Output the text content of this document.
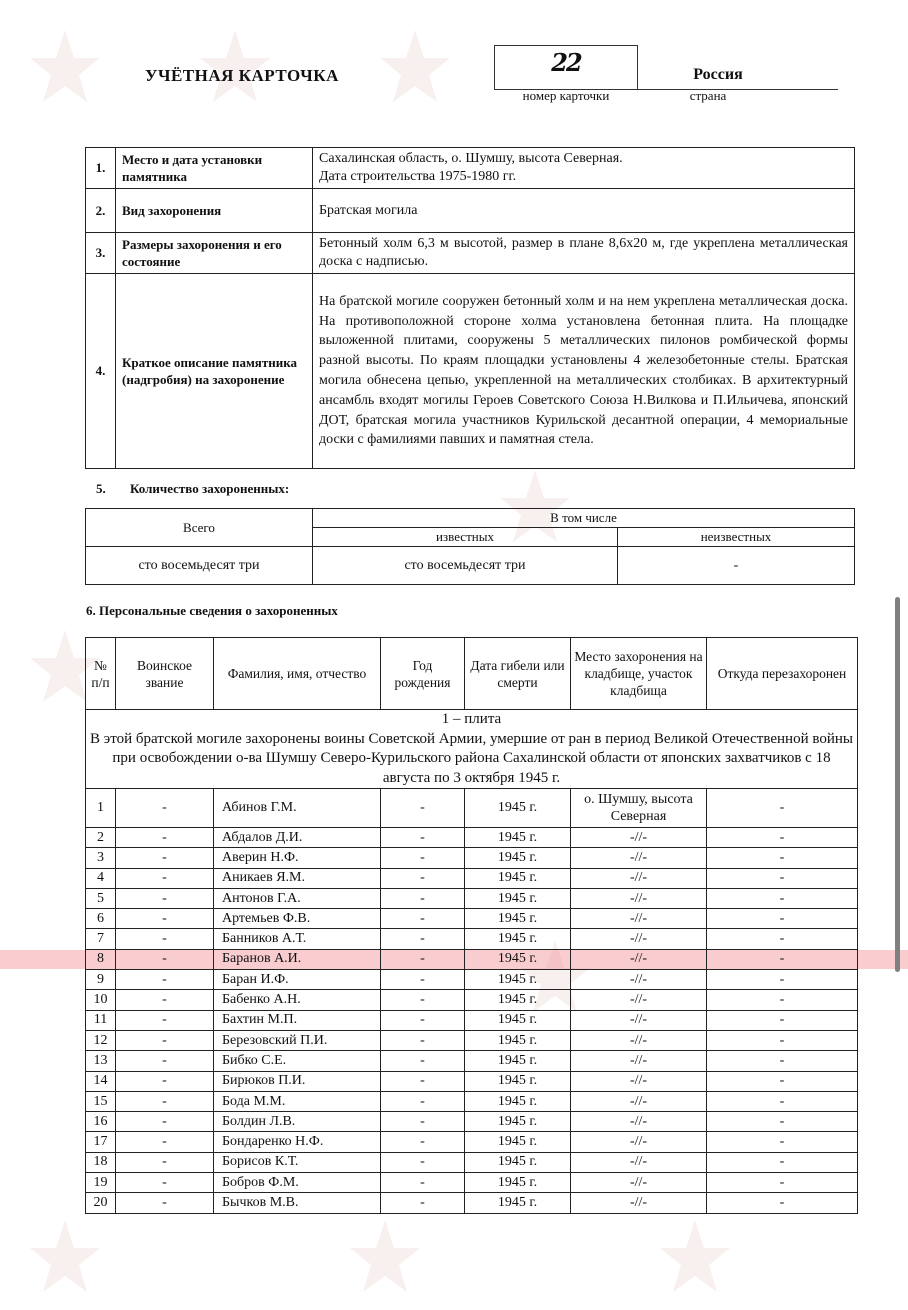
УЧЁТНАЯ КАРТОЧКА	22
номер карточки
Россия
страна
1.	Место и дата установки памятника	Сахалинская область, о. Шумшу, высота Северная.
Дата строительства 1975-1980 гг.

2.	Вид захоронения	Братская могила
3.	Размеры захоронения и его состояние	Бетонный холм 6,3 м высотой, размер в плане 8,6х20 м, где укреплена металлическая доска с надписью.
4.	Краткое описание памятника (надгробия) на захоронение	На братской могиле сооружен бетонный холм и на нем укреплена металлическая доска. На противоположной стороне холма установлена бетонная плита. На площадке выложенной плитами, сооружены 5 металлических пилонов ромбической формы разной высоты. По краям площадки установлены 4 железобетонные стелы. Братская могила обнесена цепью, укрепленной на металлических столбиках. В архитектурный ансамбль входят могилы Героев Советского Союза Н.Вилкова и П.Ильичева, японский ДОТ, братская могила участников Курильской десантной операции, 4 мемориальные доски с фамилиями павших и памятная стела.
5. Количество захороненных:
Всего	В том числе	
	известных	неизвестных
сто восемьдесят три	сто восемьдесят три	-
6. Персональные сведения о захороненных
№ п/п	Воинское звание	Фамилия, имя, отчество	Год рождения	Дата гибели или смерти	Место захоронения на кладбище, участок кладбища	Откуда перезахоронен

1 – плита
В этой братской могиле захоронены воины Советской Армии, умершие от ран в период Великой Отечественной войны при освобождении о-ва Шумшу Северо-Курильского района Сахалинской области от японских захватчиков с 18 августа по 3 октября 1945 г.						

1	-	Абинов Г.М.	-	1945 г.	о. Шумшу, высота Северная	-
2	-	Абдалов Д.И.	-	1945 г.	-//-	-
3	-	Аверин Н.Ф.	-	1945 г.	-//-	-
4	-	Аникаев Я.М.	-	1945 г.	-//-	-
5	-	Антонов Г.А.	-	1945 г.	-//-	-
6	-	Артемьев Ф.В.	-	1945 г.	-//-	-
7	-	Банников А.Т.	-	1945 г.	-//-	-
8	-	Баранов А.И.	-	1945 г.	-//-	-
9	-	Баран И.Ф.	-	1945 г.	-//-	-
10	-	Бабенко А.Н.	-	1945 г.	-//-	-
11	-	Бахтин М.П.	-	1945 г.	-//-	-
12	-	Березовский П.И.	-	1945 г.	-//-	-
13	-	Бибко С.Е.	-	1945 г.	-//-	-
14	-	Бирюков П.И.	-	1945 г.	-//-	-
15	-	Бода М.М.	-	1945 г.	-//-	-
16	-	Болдин Л.В.	-	1945 г.	-//-	-
17	-	Бондаренко Н.Ф.	-	1945 г.	-//-	-
18	-	Борисов К.Т.	-	1945 г.	-//-	-
19	-	Бобров Ф.М.	-	1945 г.	-//-	-
20	-	Бычков М.В.	-	1945 г.	-//-	-
